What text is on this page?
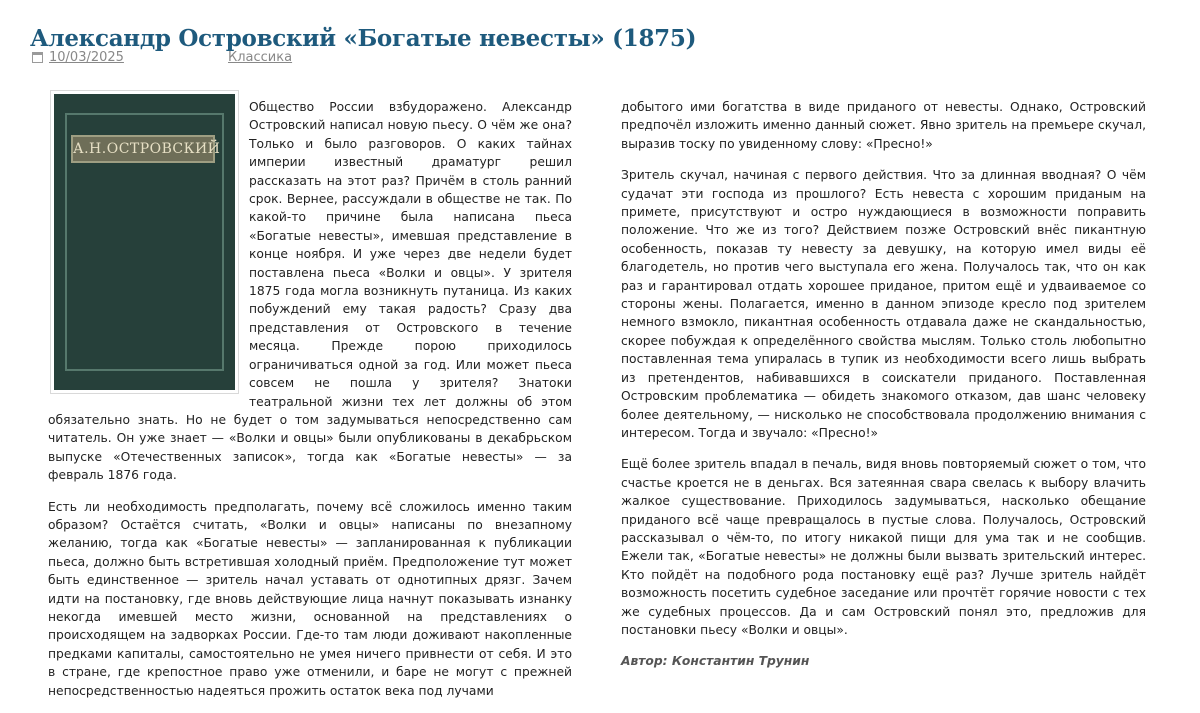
Александр Островский «Богатые невесты» (1875)
10/03/2025	Классика
А.Н.ОСТРОВСКИЙ

Общество России взбудоражено. Александр Островский написал новую пьесу. О чём же она? Только и было разговоров. О каких тайнах империи известный драматург решил рассказать на этот раз? Причём в столь ранний срок. Вернее, рассуждали в обществе не так. По какой-то причине была написана пьеса «Богатые невесты», имевшая представление в конце ноября. И уже через две недели будет поставлена пьеса «Волки и овцы». У зрителя 1875 года могла возникнуть путаница. Из каких побуждений ему такая радость? Сразу два представления от Островского в течение месяца. Прежде порою приходилось ограничиваться одной за год. Или может пьеса совсем не пошла у зрителя? Знатоки театральной жизни тех лет должны об этом обязательно знать. Но не будет о том задумываться непосредственно сам читатель. Он уже знает — «Волки и овцы» были опубликованы в декабрьском выпуске «Отечественных записок», тогда как «Богатые невесты» — за февраль 1876 года.

Есть ли необходимость предполагать, почему всё сложилось именно таким образом? Остаётся считать, «Волки и овцы» написаны по внезапному желанию, тогда как «Богатые невесты» — запланированная к публикации пьеса, должно быть встретившая холодный приём. Предположение тут может быть единственное — зритель начал уставать от однотипных дрязг. Зачем идти на постановку, где вновь действующие лица начнут показывать изнанку некогда имевшей место жизни, основанной на представлениях о происходящем на задворках России. Где-то там люди доживают накопленные предками капиталы, самостоятельно не умея ничего привнести от себя. И это в стране, где крепостное право уже отменили, и баре не могут с прежней непосредственностью надеяться прожить остаток века под лучами

добытого ими богатства в виде приданого от невесты. Однако, Островский предпочёл изложить именно данный сюжет. Явно зритель на премьере скучал, выразив тоску по увиденному слову: «Пресно!»

Зритель скучал, начиная с первого действия. Что за длинная вводная? О чём судачат эти господа из прошлого? Есть невеста с хорошим приданым на примете, присутствуют и остро нуждающиеся в возможности поправить положение. Что же из того? Действием позже Островский внёс пикантную особенность, показав ту невесту за девушку, на которую имел виды её благодетель, но против чего выступала его жена. Получалось так, что он как раз и гарантировал отдать хорошее приданое, притом ещё и удваиваемое со стороны жены. Полагается, именно в данном эпизоде кресло под зрителем немного взмокло, пикантная особенность отдавала даже не скандальностью, скорее побуждая к определённого свойства мыслям. Только столь любопытно поставленная тема упиралась в тупик из необходимости всего лишь выбрать из претендентов, набивавшихся в соискатели приданого. Поставленная Островским проблематика — обидеть знакомого отказом, дав шанс человеку более деятельному, — нисколько не способствовала продолжению внимания с интересом. Тогда и звучало: «Пресно!»

Ещё более зритель впадал в печаль, видя вновь повторяемый сюжет о том, что счастье кроется не в деньгах. Вся затеянная свара свелась к выбору влачить жалкое существование. Приходилось задумываться, насколько обещание приданого всё чаще превращалось в пустые слова. Получалось, Островский рассказывал о чём-то, по итогу никакой пищи для ума так и не сообщив. Ежели так, «Богатые невесты» не должны были вызвать зрительский интерес. Кто пойдёт на подобного рода постановку ещё раз? Лучше зритель найдёт возможность посетить судебное заседание или прочтёт горячие новости с тех же судебных процессов. Да и сам Островский понял это, предложив для постановки пьесу «Волки и овцы».

Автор: Константин Трунин
